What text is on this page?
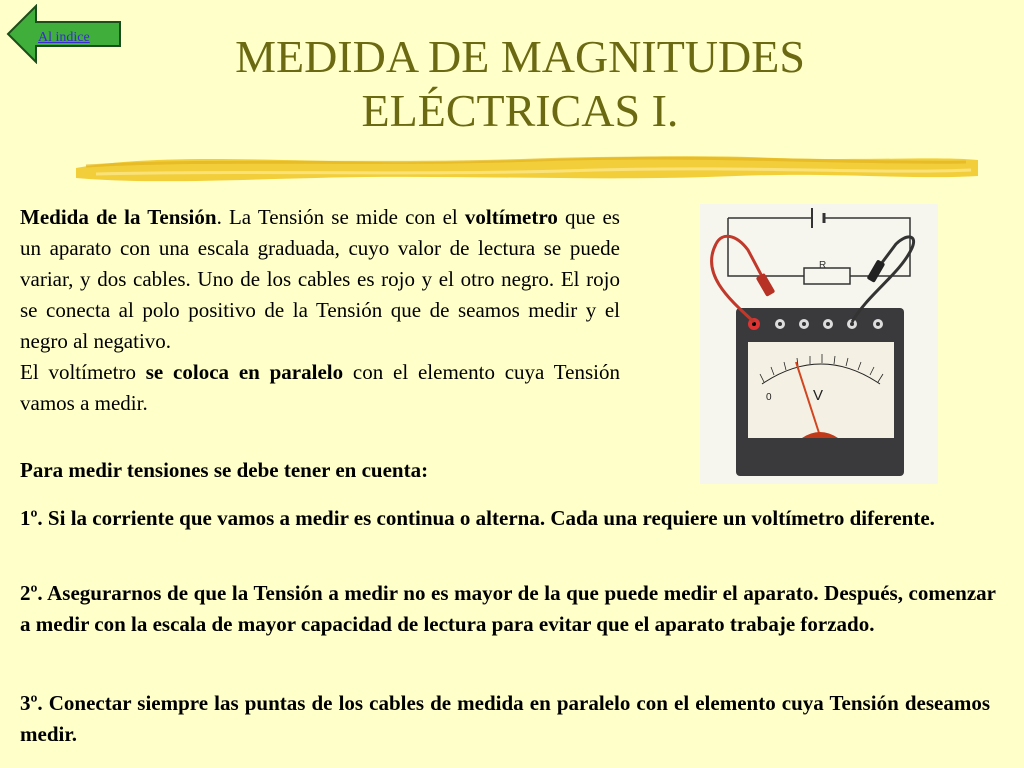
Al indice	MEDIDA DE MAGNITUDES
ELÉCTRICAS I.

Medida de la Tensión. La Tensión se mide con el voltímetro que es un aparato con una escala graduada, cuyo valor de lectura se puede variar, y dos cables. Uno de los cables es rojo y el otro negro. El rojo se conecta al polo positivo de la Tensión que de seamos medir y el negro al negativo.

El voltímetro se coloca en paralelo con el elemento cuya Tensión vamos a medir.

R
0	V

Para medir tensiones se debe tener en cuenta:

1º. Si la corriente que vamos a medir es continua o alterna. Cada una requiere un voltímetro diferente.

2º. Asegurarnos de que la Tensión a medir no es mayor de la que puede medir el aparato. Después, comenzar a medir con la escala de mayor capacidad de lectura para evitar que el aparato trabaje forzado.

3º. Conectar siempre las puntas de los cables de medida en paralelo con el elemento cuya Tensión deseamos medir.
